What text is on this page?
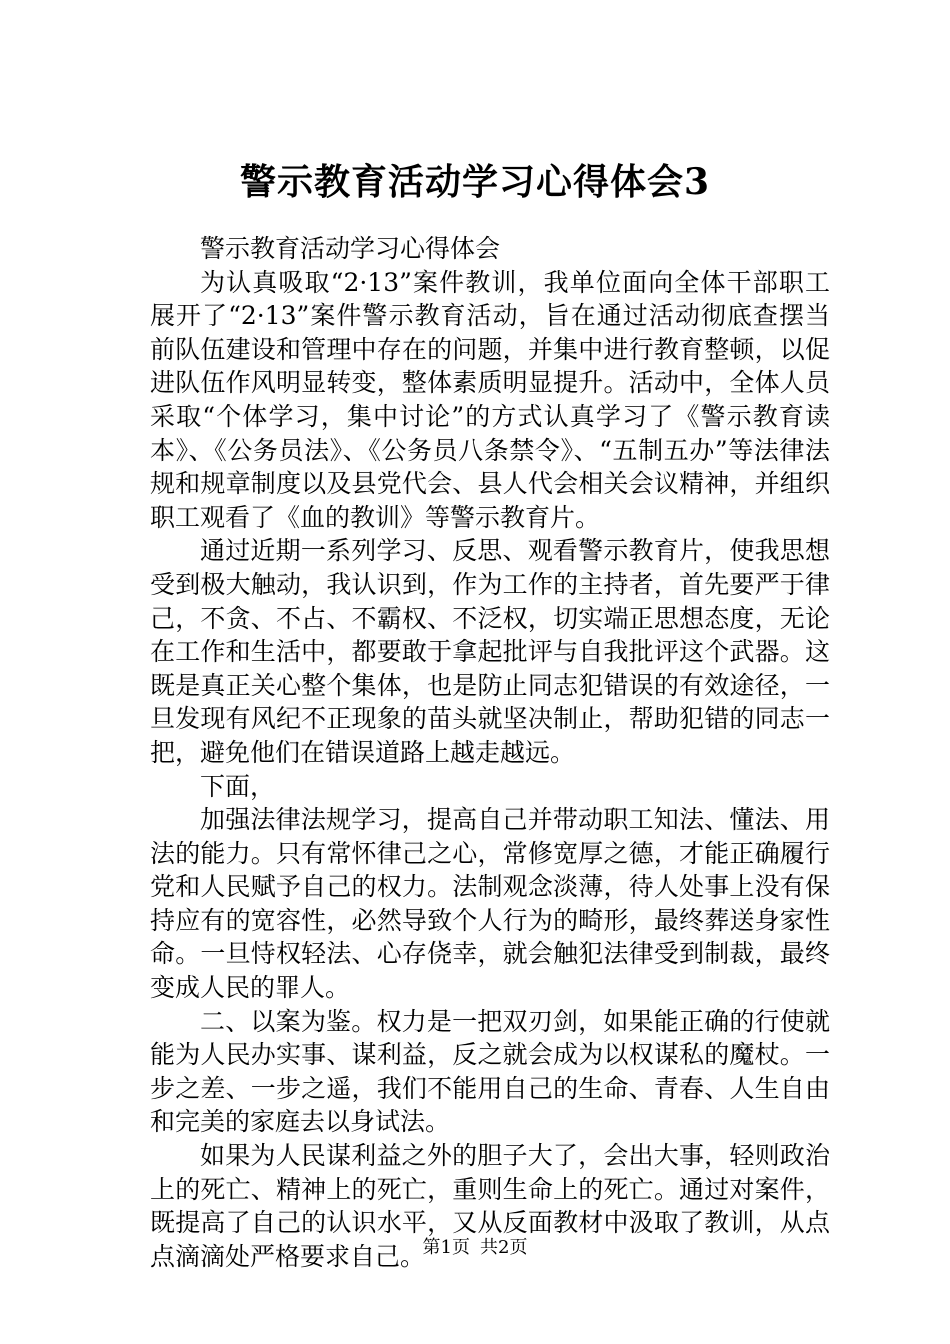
警示教育活动学习心得体会3

警示教育活动学习心得体会

为认真吸取“2·13”案件教训，我单位面向全体干部职工展开了“2·13”案件警示教育活动，旨在通过活动彻底查摆当前队伍建设和管理中存在的问题，并集中进行教育整顿，以促进队伍作风明显转变，整体素质明显提升。活动中，全体人员采取“个体学习，集中讨论”的方式认真学习了《警示教育读本》、《公务员法》、《公务员八条禁令》、“五制五办”等法律法规和规章制度以及县党代会、县人代会相关会议精神，并组织职工观看了《血的教训》等警示教育片。

通过近期一系列学习、反思、观看警示教育片，使我思想受到极大触动，我认识到，作为工作的主持者，首先要严于律己，不贪、不占、不霸权、不泛权，切实端正思想态度，无论在工作和生活中，都要敢于拿起批评与自我批评这个武器。这既是真正关心整个集体，也是防止同志犯错误的有效途径，一旦发现有风纪不正现象的苗头就坚决制止，帮助犯错的同志一把，避免他们在错误道路上越走越远。

下面，

加强法律法规学习，提高自己并带动职工知法、懂法、用法的能力。只有常怀律己之心，常修宽厚之德，才能正确履行党和人民赋予自己的权力。法制观念淡薄，待人处事上没有保持应有的宽容性，必然导致个人行为的畸形，最终葬送身家性命。一旦恃权轻法、心存侥幸，就会触犯法律受到制裁，最终变成人民的罪人。

二、以案为鉴。权力是一把双刃剑，如果能正确的行使就能为人民办实事、谋利益，反之就会成为以权谋私的魔杖。一步之差、一步之遥，我们不能用自己的生命、青春、人生自由和完美的家庭去以身试法。

如果为人民谋利益之外的胆子大了，会出大事，轻则政治上的死亡、精神上的死亡，重则生命上的死亡。通过对案件，既提高了自己的认识水平，又从反面教材中汲取了教训，从点点滴滴处严格要求自己。

第1页 共2页
